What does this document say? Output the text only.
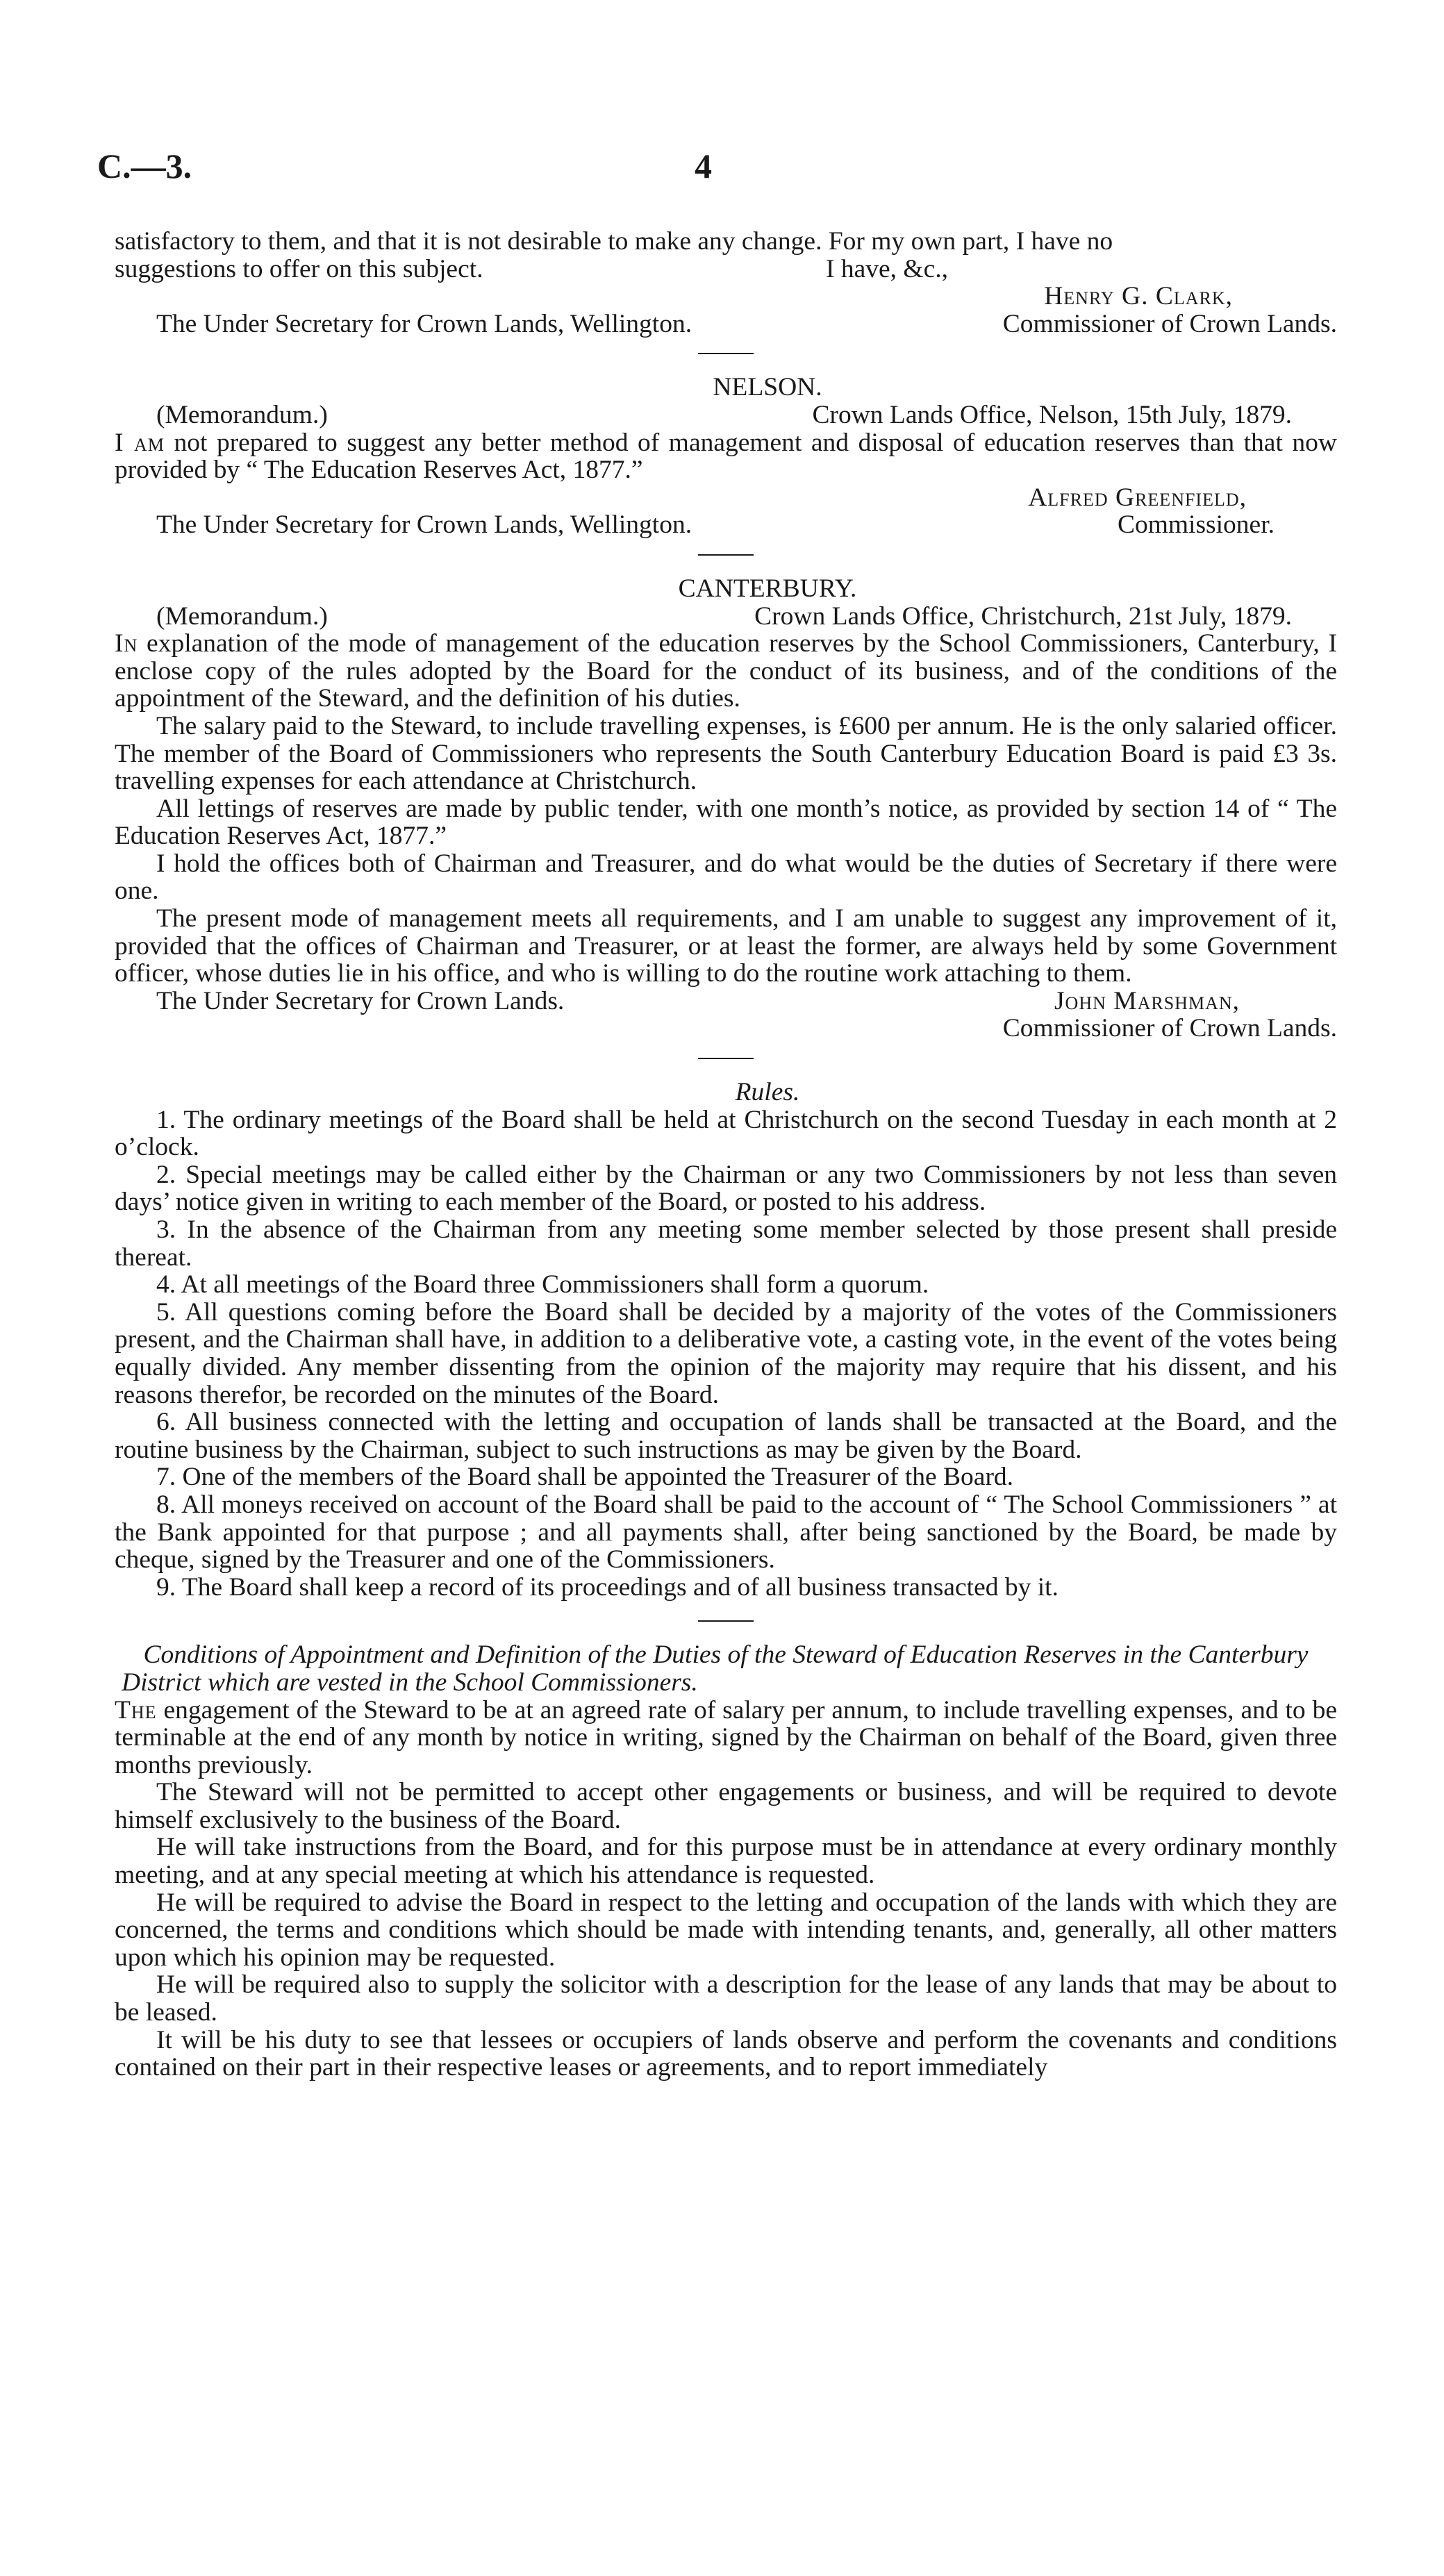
C.—3.	4

satisfactory to them, and that it is not desirable to make any change. For my own part, I have no

suggestions to offer on this subject.	I have, &c.,
Henry G. Clark,
The Under Secretary for Crown Lands, Wellington.	Commissioner of Crown Lands.
NELSON.
(Memorandum.)	Crown Lands Office, Nelson, 15th July, 1879.

I am not prepared to suggest any better method of management and disposal of education reserves than that now provided by “ The Education Reserves Act, 1877.”

Alfred Greenfield,
The Under Secretary for Crown Lands, Wellington.	Commissioner.
CANTERBURY.
(Memorandum.)	Crown Lands Office, Christchurch, 21st July, 1879.

In explanation of the mode of management of the education reserves by the School Commissioners, Canterbury, I enclose copy of the rules adopted by the Board for the conduct of its business, and of the conditions of the appointment of the Steward, and the definition of his duties.

The salary paid to the Steward, to include travelling expenses, is £600 per annum. He is the only salaried officer. The member of the Board of Commissioners who represents the South Canterbury Education Board is paid £3 3s. travelling expenses for each attendance at Christchurch.

All lettings of reserves are made by public tender, with one month’s notice, as provided by section 14 of “ The Education Reserves Act, 1877.”

I hold the offices both of Chairman and Treasurer, and do what would be the duties of Secretary if there were one.

The present mode of management meets all requirements, and I am unable to suggest any improvement of it, provided that the offices of Chairman and Treasurer, or at least the former, are always held by some Government officer, whose duties lie in his office, and who is willing to do the routine work attaching to them.

The Under Secretary for Crown Lands.	John Marshman,
Commissioner of Crown Lands.
Rules.

1. The ordinary meetings of the Board shall be held at Christchurch on the second Tuesday in each month at 2 o’clock.

2. Special meetings may be called either by the Chairman or any two Commissioners by not less than seven days’ notice given in writing to each member of the Board, or posted to his address.

3. In the absence of the Chairman from any meeting some member selected by those present shall preside thereat.

4. At all meetings of the Board three Commissioners shall form a quorum.

5. All questions coming before the Board shall be decided by a majority of the votes of the Commissioners present, and the Chairman shall have, in addition to a deliberative vote, a casting vote, in the event of the votes being equally divided. Any member dissenting from the opinion of the majority may require that his dissent, and his reasons therefor, be recorded on the minutes of the Board.

6. All business connected with the letting and occupation of lands shall be transacted at the Board, and the routine business by the Chairman, subject to such instructions as may be given by the Board.

7. One of the members of the Board shall be appointed the Treasurer of the Board.

8. All moneys received on account of the Board shall be paid to the account of “ The School Commissioners ” at the Bank appointed for that purpose ; and all payments shall, after being sanctioned by the Board, be made by cheque, signed by the Treasurer and one of the Commissioners.

9. The Board shall keep a record of its proceedings and of all business transacted by it.

Conditions of Appointment and Definition of the Duties of the Steward of Education Reserves in the Canterbury District which are vested in the School Commissioners.

The engagement of the Steward to be at an agreed rate of salary per annum, to include travelling expenses, and to be terminable at the end of any month by notice in writing, signed by the Chairman on behalf of the Board, given three months previously.

The Steward will not be permitted to accept other engagements or business, and will be required to devote himself exclusively to the business of the Board.

He will take instructions from the Board, and for this purpose must be in attendance at every ordinary monthly meeting, and at any special meeting at which his attendance is requested.

He will be required to advise the Board in respect to the letting and occupation of the lands with which they are concerned, the terms and conditions which should be made with intending tenants, and, generally, all other matters upon which his opinion may be requested.

He will be required also to supply the solicitor with a description for the lease of any lands that may be about to be leased.

It will be his duty to see that lessees or occupiers of lands observe and perform the covenants and conditions contained on their part in their respective leases or agreements, and to report immediately
